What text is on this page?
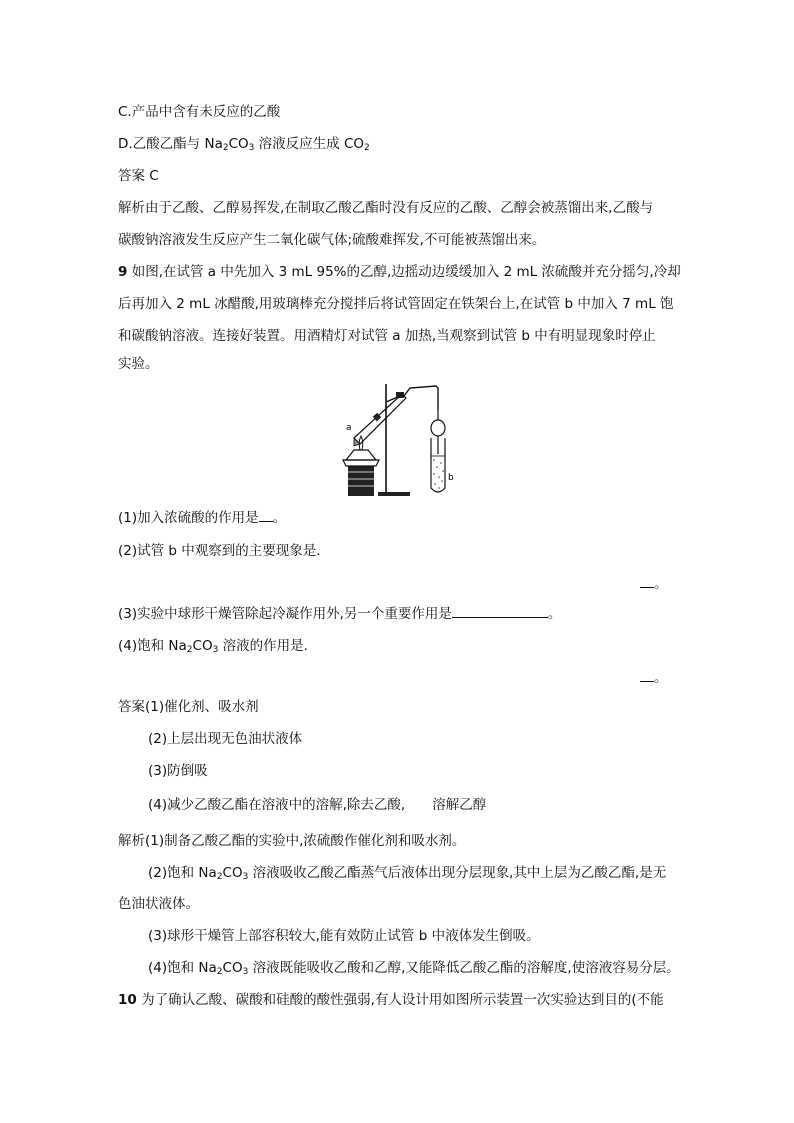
C.产品中含有未反应的乙酸
D.乙酸乙酯与 $Na_2CO_3$ 溶液反应生成 $CO_2$
答案 C
解析由于乙酸、乙醇易挥发,在制取乙酸乙酯时没有反应的乙酸、乙醇会被蒸馏出来,乙酸与
碳酸钠溶液发生反应产生二氧化碳气体;硫酸难挥发,不可能被蒸馏出来。
9 如图,在试管 a 中先加入 3 mL 95%的乙醇,边摇动边缓缓加入 2 mL 浓硫酸并充分摇匀,冷却
后再加入 2 mL 冰醋酸,用玻璃棒充分搅拌后将试管固定在铁架台上,在试管 b 中加入 7 mL 饱
和碳酸钠溶液。连接好装置。用酒精灯对试管 a 加热,当观察到试管 b 中有明显现象时停止
实验。
a
b
(1)加入浓硫酸的作用是 。
(2)试管 b 中观察到的主要现象是.
。
(3)实验中球形干燥管除起冷凝作用外,另一个重要作用是	。
(4)饱和 $Na_2CO_3$ 溶液的作用是.
。
答案(1)催化剂、吸水剂
(2)上层出现无色油状液体
(3)防倒吸
(4)减少乙酸乙酯在溶液中的溶解,除去乙酸,　　溶解乙醇
解析(1)制备乙酸乙酯的实验中,浓硫酸作催化剂和吸水剂。
(2)饱和 $Na_2CO_3$ 溶液吸收乙酸乙酯蒸气后液体出现分层现象,其中上层为乙酸乙酯,是无
色油状液体。
(3)球形干燥管上部容积较大,能有效防止试管 b 中液体发生倒吸。
(4)饱和 $Na_2CO_3$ 溶液既能吸收乙酸和乙醇,又能降低乙酸乙酯的溶解度,使溶液容易分层。
10 为了确认乙酸、碳酸和硅酸的酸性强弱,有人设计用如图所示装置一次实验达到目的(不能
